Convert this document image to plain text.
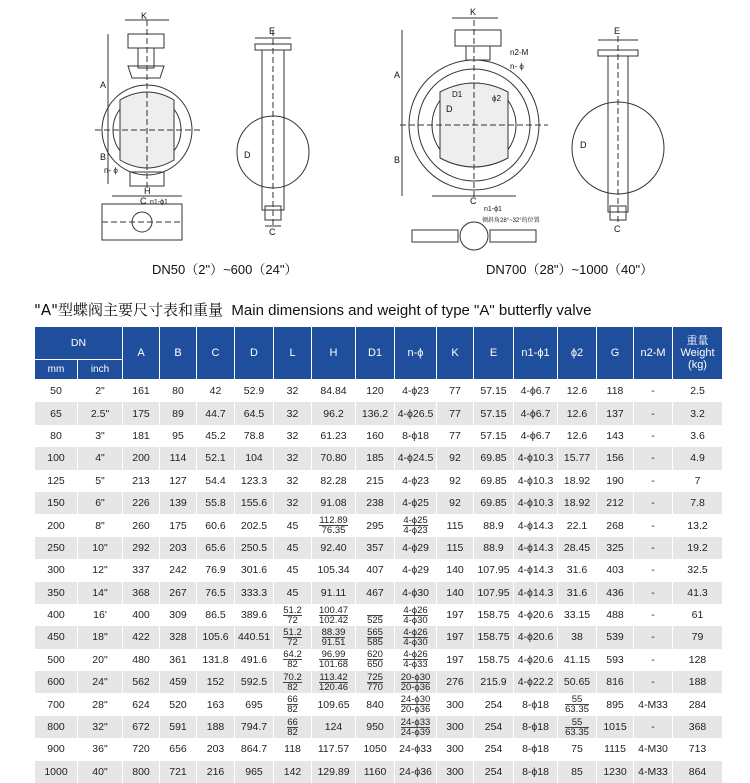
K
A
B
H
n- ϕ
C n1-ϕ1
E
D
C
K
A
B
n2-M
n- ϕ
C
n1-ϕ1
倾斜角28°~32°的位置
D
D1	ϕ2
E
D
C
DN50（2"）~600（24"）	DN700（28"）~1000（40"）
"A"型蝶阀主要尺寸表和重量 Main dimensions and weight of type "A" butterfly valve
DN		A	B	C	D	L	H	D1	n-ϕ	K	E	n1-ϕ1	ϕ2	G	n2-M	重量
Weight
(kg)

mm	inch															
50	2"	161	80	42	52.9	32	84.84	120	4-ϕ23	77	57.15	4-ϕ6.7	12.6	118	-	2.5
65	2.5"	175	89	44.7	64.5	32	96.2	136.2	4-ϕ26.5	77	57.15	4-ϕ6.7	12.6	137	-	3.2
80	3"	181	95	45.2	78.8	32	61.23	160	8-ϕ18	77	57.15	4-ϕ6.7	12.6	143	-	3.6
100	4"	200	114	52.1	104	32	70.80	185	4-ϕ24.5	92	69.85	4-ϕ10.3	15.77	156	-	4.9
125	5"	213	127	54.4	123.3	32	82.28	215	4-ϕ23	92	69.85	4-ϕ10.3	18.92	190	-	7
150	6"	226	139	55.8	155.6	32	91.08	238	4-ϕ25	92	69.85	4-ϕ10.3	18.92	212	-	7.8
200	8"	260	175	60.6	202.5	45	$\frac{112.89}{76.35}$	295	$\frac{4-\phi 25}{4-\phi 23}$	115	88.9	4-ϕ14.3	22.1	268	-	13.2
250	10"	292	203	65.6	250.5	45	92.40	357	4-ϕ29	115	88.9	4-ϕ14.3	28.45	325	-	19.2
300	12"	337	242	76.9	301.6	45	105.34	407	4-ϕ29	140	107.95	4-ϕ14.3	31.6	403	-	32.5
350	14"	368	267	76.5	333.3	45	91.11	467	4-ϕ30	140	107.95	4-ϕ14.3	31.6	436	-	41.3
400	16'	400	309	86.5	389.6	$\frac{51.2}{72}$	$\frac{100.47}{102.42}$	525	$\frac{4-\phi 26}{4-\phi 30}$	197	158.75	4-ϕ20.6	33.15	488	-	61
450	18"	422	328	105.6	440.51	$\frac{51.2}{72}$	$\frac{88.39}{91.51}$	$\frac{565}{585}$	$\frac{4-\phi 26}{4-\phi 30}$	197	158.75	4-ϕ20.6	38	539	-	79
500	20"	480	361	131.8	491.6	$\frac{64.2}{82}$	$\frac{96.99}{101.68}$	$\frac{620}{650}$	$\frac{4-\phi 26}{4-\phi 33}$	197	158.75	4-ϕ20.6	41.15	593	-	128
600	24"	562	459	152	592.5	$\frac{70.2}{82}$	$\frac{113.42}{120.46}$	$\frac{725}{770}$	$\frac{20-\phi 30}{20-\phi 36}$	276	215.9	4-ϕ22.2	50.65	816	-	188
700	28"	624	520	163	695	$\frac{66}{82}$	109.65	840	$\frac{24-\phi 30}{20-\phi 36}$	300	254	8-ϕ18	$\frac{55}{63.35}$	895	4-M33	284
800	32"	672	591	188	794.7	$\frac{66}{82}$	124	950	$\frac{24-\phi 33}{24-\phi 39}$	300	254	8-ϕ18	$\frac{55}{63.35}$	1015	-	368
900	36"	720	656	203	864.7	118	117.57	1050	24-ϕ33	300	254	8-ϕ18	75	1115	4-M30	713
1000	40"	800	721	216	965	142	129.89	1160	24-ϕ36	300	254	8-ϕ18	85	1230	4-M33	864
